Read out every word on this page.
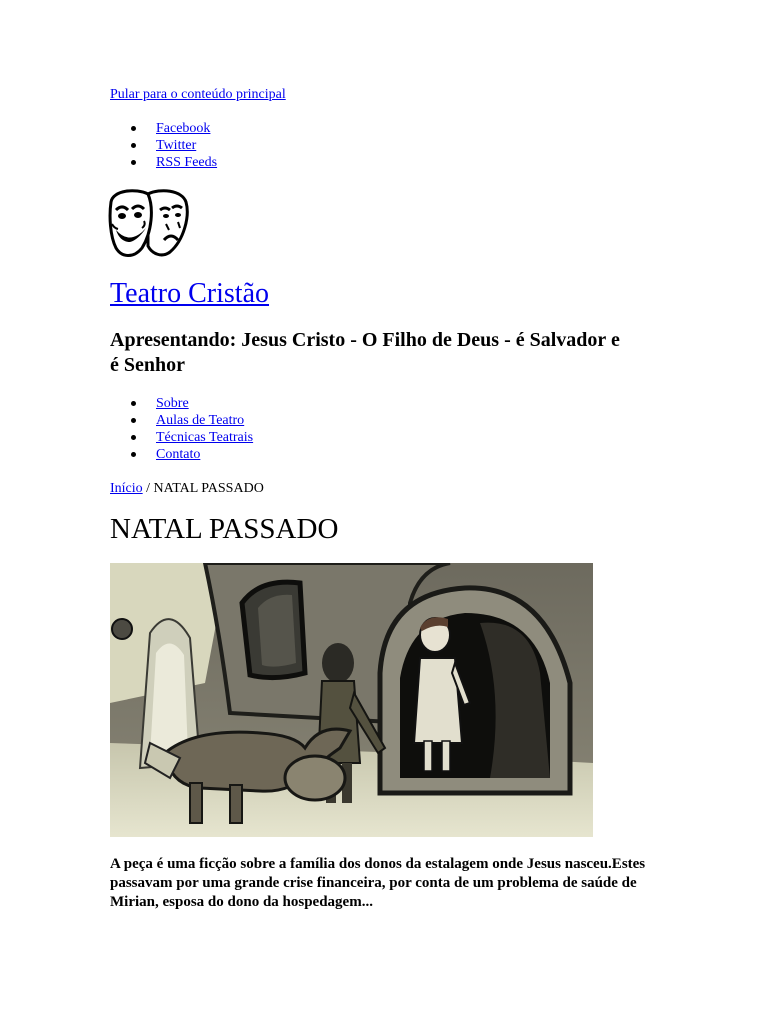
Pular para o conteúdo principal
Facebook
Twitter
RSS Feeds
Teatro Cristão
Apresentando: Jesus Cristo - O Filho de Deus - é Salvador e é Senhor
Sobre
Aulas de Teatro
Técnicas Teatrais
Contato
Início / NATAL PASSADO
NATAL PASSADO

A peça é uma ficção sobre a família dos donos da estalagem onde Jesus nasceu.Estes passavam por uma grande crise financeira, por conta de um problema de saúde de Mirian, esposa do dono da hospedagem...
